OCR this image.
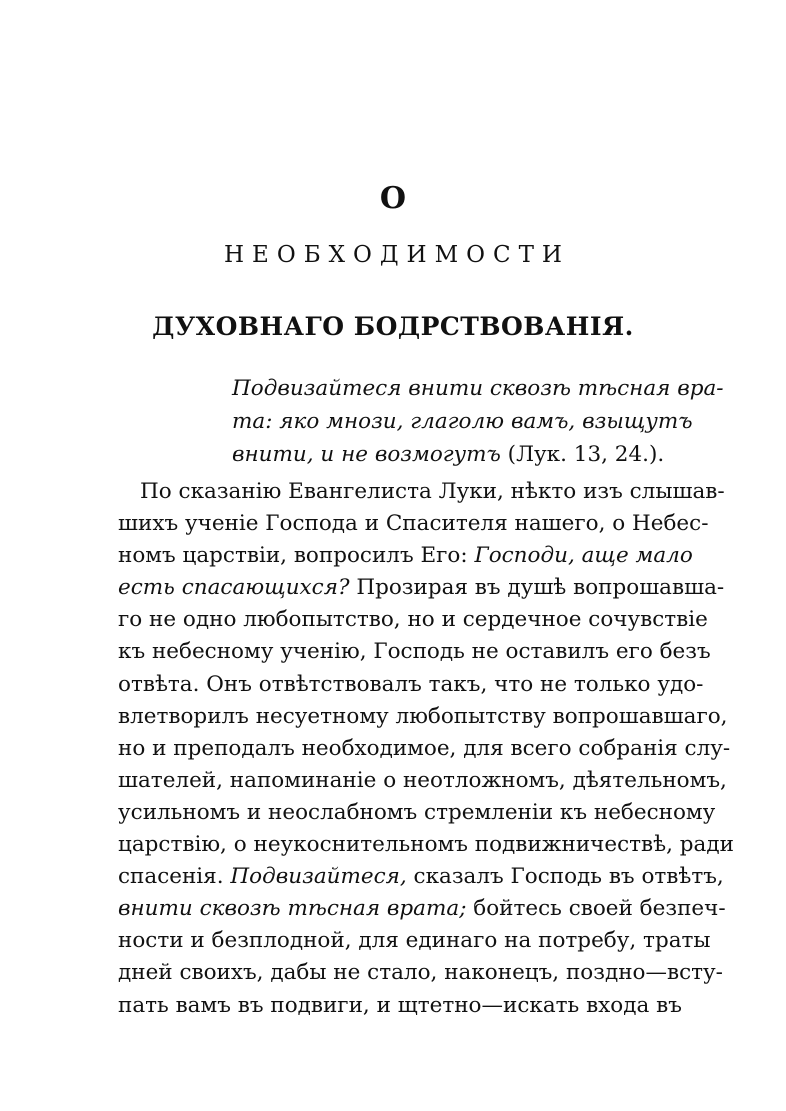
О
НЕОБХОДИМОСТИ
ДУХОВНАГО БОДРСТВОВАНІЯ.
Подвизайтеся внити сквозѣ тѣсная вра-
та: яко мнози, глаголю вамъ, взыщутъ
внити, и не возмогутъ (Лук. 13, 24.).
По сказанію Евангелиста Луки, нѣкто изъ слышав-
шихъ ученіе Господа и Спасителя нашего, о Небес-
номъ царствіи, вопросилъ Его: Господи, аще мало
есть спасающихся? Прозирая въ душѣ вопрошавша-
го не одно любопытство, но и сердечное сочувствіе
къ небесному ученію, Господь не оставилъ его безъ
отвѣта. Онъ отвѣтствовалъ такъ, что не только удо-
влетворилъ несуетному любопытству вопрошавшаго,
но и преподалъ необходимое, для всего собранія слу-
шателей, напоминаніе о неотложномъ, дѣятельномъ,
усильномъ и неослабномъ стремленіи къ небесному
царствію, о неукоснительномъ подвижничествѣ, ради
спасенія. Подвизайтеся, сказалъ Господь въ отвѣтъ,
внити сквозѣ тѣсная врата; бойтесь своей безпеч-
ности и безплодной, для единаго на потребу, траты
дней своихъ, дабы не стало, наконецъ, поздно—всту-
пать вамъ въ подвиги, и щтетно—искать входа въ
